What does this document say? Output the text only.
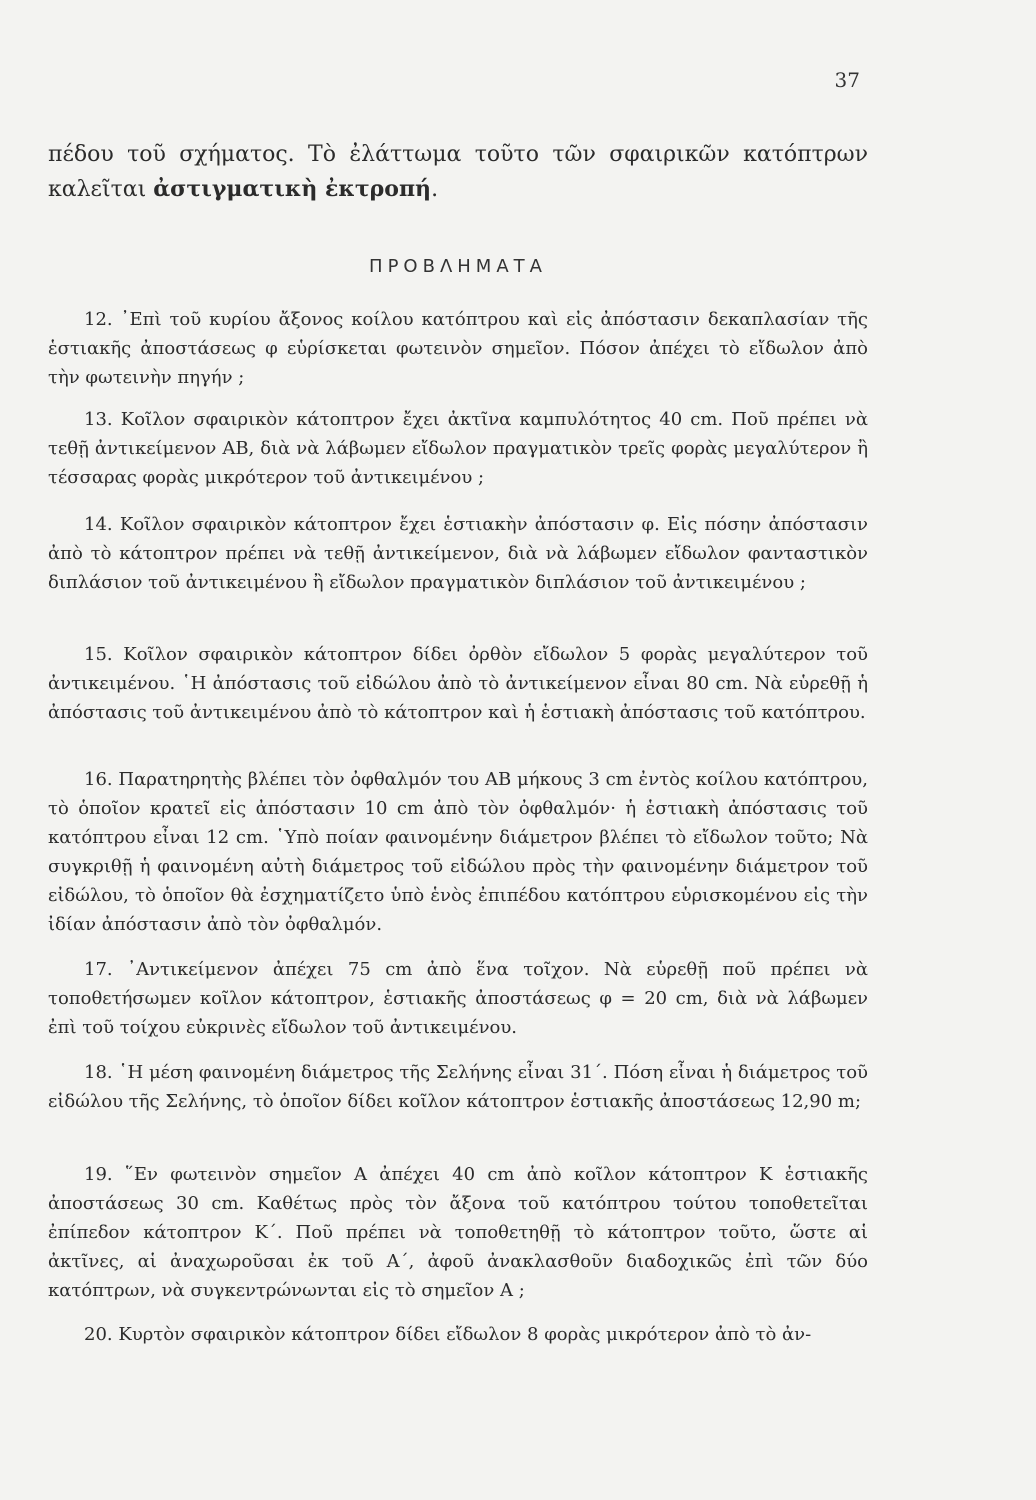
37

πέδου τοῦ σχήματος. Τὸ ἐλάττωμα τοῦτο τῶν σφαιρικῶν κατόπτρων καλεῖται ἀστιγματικὴ ἐκτροπή.

ΠΡΟΒΛΗΜΑΤΑ

12. ᾿Επὶ τοῦ κυρίου ἄξονος κοίλου κατόπτρου καὶ εἰς ἀπόστασιν δεκαπλασίαν τῆς ἑστιακῆς ἀποστάσεως φ εὑρίσκεται φωτεινὸν σημεῖον. Πόσον ἀπέχει τὸ εἴδωλον ἀπὸ τὴν φωτεινὴν πηγήν ;

13. Κοῖλον σφαιρικὸν κάτοπτρον ἔχει ἀκτῖνα καμπυλότητος 40 cm. Ποῦ πρέπει νὰ τεθῇ ἀντικείμενον ΑΒ, διὰ νὰ λάβωμεν εἴδωλον πραγματικὸν τρεῖς φορὰς μεγαλύτερον ἢ τέσσαρας φορὰς μικρότερον τοῦ ἀντικειμένου ;

14. Κοῖλον σφαιρικὸν κάτοπτρον ἔχει ἑστιακὴν ἀπόστασιν φ. Εἰς πόσην ἀπόστασιν ἀπὸ τὸ κάτοπτρον πρέπει νὰ τεθῇ ἀντικείμενον, διὰ νὰ λάβωμεν εἴδωλον φανταστικὸν διπλάσιον τοῦ ἀντικειμένου ἢ εἴδωλον πραγματικὸν διπλάσιον τοῦ ἀντικειμένου ;

15. Κοῖλον σφαιρικὸν κάτοπτρον δίδει ὀρθὸν εἴδωλον 5 φορὰς μεγαλύτερον τοῦ ἀντικειμένου. ῾Η ἀπόστασις τοῦ εἰδώλου ἀπὸ τὸ ἀντικείμενον εἶναι 80 cm. Νὰ εὑρεθῇ ἡ ἀπόστασις τοῦ ἀντικειμένου ἀπὸ τὸ κάτοπτρον καὶ ἡ ἑστιακὴ ἀπόστασις τοῦ κατόπτρου.

16. Παρατηρητὴς βλέπει τὸν ὀφθαλμόν του ΑΒ μήκους 3 cm ἐντὸς κοίλου κατόπτρου, τὸ ὁποῖον κρατεῖ εἰς ἀπόστασιν 10 cm ἀπὸ τὸν ὀφθαλμόν· ἡ ἑστιακὴ ἀπόστασις τοῦ κατόπτρου εἶναι 12 cm. ῾Υπὸ ποίαν φαινομένην διάμετρον βλέπει τὸ εἴδωλον τοῦτο; Νὰ συγκριθῇ ἡ φαινομένη αὐτὴ διάμετρος τοῦ εἰδώλου πρὸς τὴν φαινομένην διάμετρον τοῦ εἰδώλου, τὸ ὁποῖον θὰ ἐσχηματίζετο ὑπὸ ἑνὸς ἐπιπέδου κατόπτρου εὑρισκομένου εἰς τὴν ἰδίαν ἀπόστασιν ἀπὸ τὸν ὀφθαλμόν.

17. ᾿Αντικείμενον ἀπέχει 75 cm ἀπὸ ἕνα τοῖχον. Νὰ εὑρεθῇ ποῦ πρέπει νὰ τοποθετήσωμεν κοῖλον κάτοπτρον, ἑστιακῆς ἀποστάσεως φ = 20 cm, διὰ νὰ λάβωμεν ἐπὶ τοῦ τοίχου εὐκρινὲς εἴδωλον τοῦ ἀντικειμένου.

18. ῾Η μέση φαινομένη διάμετρος τῆς Σελήνης εἶναι 31΄. Πόση εἶναι ἡ διάμετρος τοῦ εἰδώλου τῆς Σελήνης, τὸ ὁποῖον δίδει κοῖλον κάτοπτρον ἑστιακῆς ἀποστάσεως 12,90 m;

19. ῞Εν φωτεινὸν σημεῖον Α ἀπέχει 40 cm ἀπὸ κοῖλον κάτοπτρον Κ ἑστιακῆς ἀποστάσεως 30 cm. Καθέτως πρὸς τὸν ἄξονα τοῦ κατόπτρου τούτου τοποθετεῖται ἐπίπεδον κάτοπτρον Κ΄. Ποῦ πρέπει νὰ τοποθετηθῇ τὸ κάτοπτρον τοῦτο, ὥστε αἱ ἀκτῖνες, αἱ ἀναχωροῦσαι ἐκ τοῦ Α΄, ἀφοῦ ἀνακλασθοῦν διαδοχικῶς ἐπὶ τῶν δύο κατόπτρων, νὰ συγκεντρώνωνται εἰς τὸ σημεῖον Α ;

20. Κυρτὸν σφαιρικὸν κάτοπτρον δίδει εἴδωλον 8 φορὰς μικρότερον ἀπὸ τὸ ἀν-
